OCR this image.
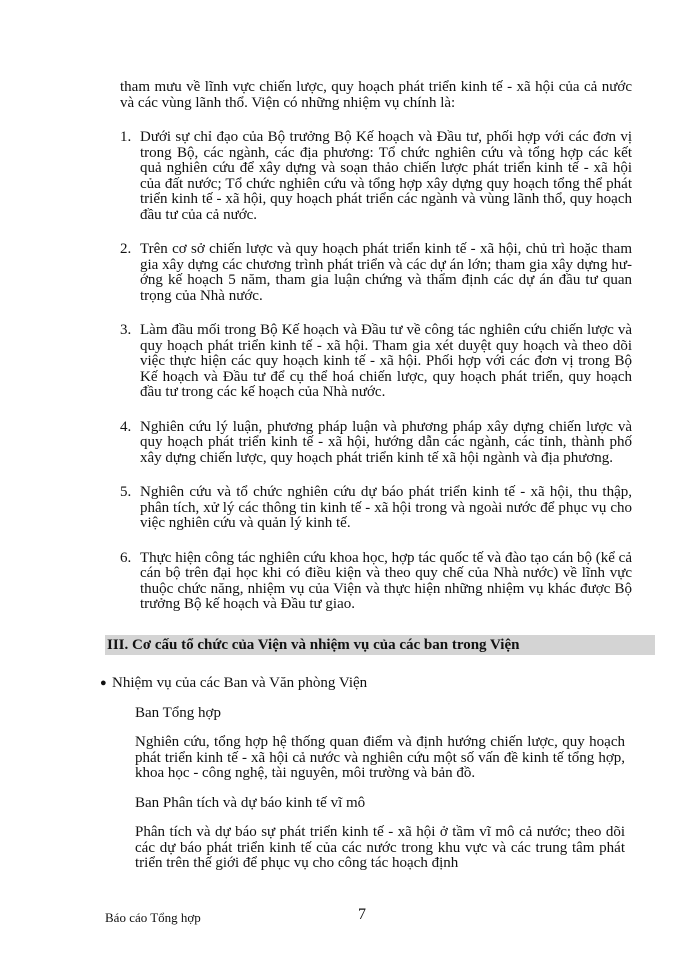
tham mưu về lĩnh vực chiến lược, quy hoạch phát triển kinh tế - xã hội của cả nước và các vùng lãnh thổ. Viện có những nhiệm vụ chính là:

1. Dưới sự chỉ đạo của Bộ trưởng Bộ Kế hoạch và Đầu tư, phối hợp với các đơn vị trong Bộ, các ngành, các địa phương: Tổ chức nghiên cứu và tổng hợp các kết quả nghiên cứu để xây dựng và soạn thảo chiến lược phát triển kinh tế - xã hội của đất nước; Tổ chức nghiên cứu và tổng hợp xây dựng quy hoạch tổng thể phát triển kinh tế - xã hội, quy hoạch phát triển các ngành và vùng lãnh thổ, quy hoạch đầu tư của cả nước.
2. Trên cơ sở chiến lược và quy hoạch phát triển kinh tế - xã hội, chủ trì hoặc tham gia xây dựng các chương trình phát triển và các dự án lớn; tham gia xây dựng hướng kế hoạch 5 năm, tham gia luận chứng và thẩm định các dự án đầu tư quan trọng của Nhà nước.
3. Làm đầu mối trong Bộ Kế hoạch và Đầu tư về công tác nghiên cứu chiến lược và quy hoạch phát triển kinh tế - xã hội. Tham gia xét duyệt quy hoạch và theo dõi việc thực hiện các quy hoạch kinh tế - xã hội. Phối hợp với các đơn vị trong Bộ Kế hoạch và Đầu tư để cụ thể hoá chiến lược, quy hoạch phát triển, quy hoạch đầu tư trong các kế hoạch của Nhà nước.
4. Nghiên cứu lý luận, phương pháp luận và phương pháp xây dựng chiến lược và quy hoạch phát triển kinh tế - xã hội, hướng dẫn các ngành, các tỉnh, thành phố xây dựng chiến lược, quy hoạch phát triển kinh tế xã hội ngành và địa phương.
5. Nghiên cứu và tổ chức nghiên cứu dự báo phát triển kinh tế - xã hội, thu thập, phân tích, xử lý các thông tin kinh tế - xã hội trong và ngoài nước để phục vụ cho việc nghiên cứu và quản lý kinh tế.
6. Thực hiện công tác nghiên cứu khoa học, hợp tác quốc tế và đào tạo cán bộ (kể cả cán bộ trên đại học khi có điều kiện và theo quy chế của Nhà nước) về lĩnh vực thuộc chức năng, nhiệm vụ của Viện và thực hiện những nhiệm vụ khác được Bộ trưởng Bộ kế hoạch và Đầu tư giao.
III. Cơ cấu tổ chức của Viện và nhiệm vụ của các ban trong Viện
● Nhiệm vụ của các Ban và Văn phòng Viện
Ban Tổng hợp
Nghiên cứu, tổng hợp hệ thống quan điểm và định hướng chiến lược, quy hoạch phát triển kinh tế - xã hội cả nước và nghiên cứu một số vấn đề kinh tế tổng hợp, khoa học - công nghệ, tài nguyên, môi trường và bản đồ.
Ban Phân tích và dự báo kinh tế vĩ mô
Phân tích và dự báo sự phát triển kinh tế - xã hội ở tầm vĩ mô cả nước; theo dõi các dự báo phát triển kinh tế của các nước trong khu vực và các trung tâm phát triển trên thế giới để phục vụ cho công tác hoạch định
Báo cáo Tổng hợp	7
